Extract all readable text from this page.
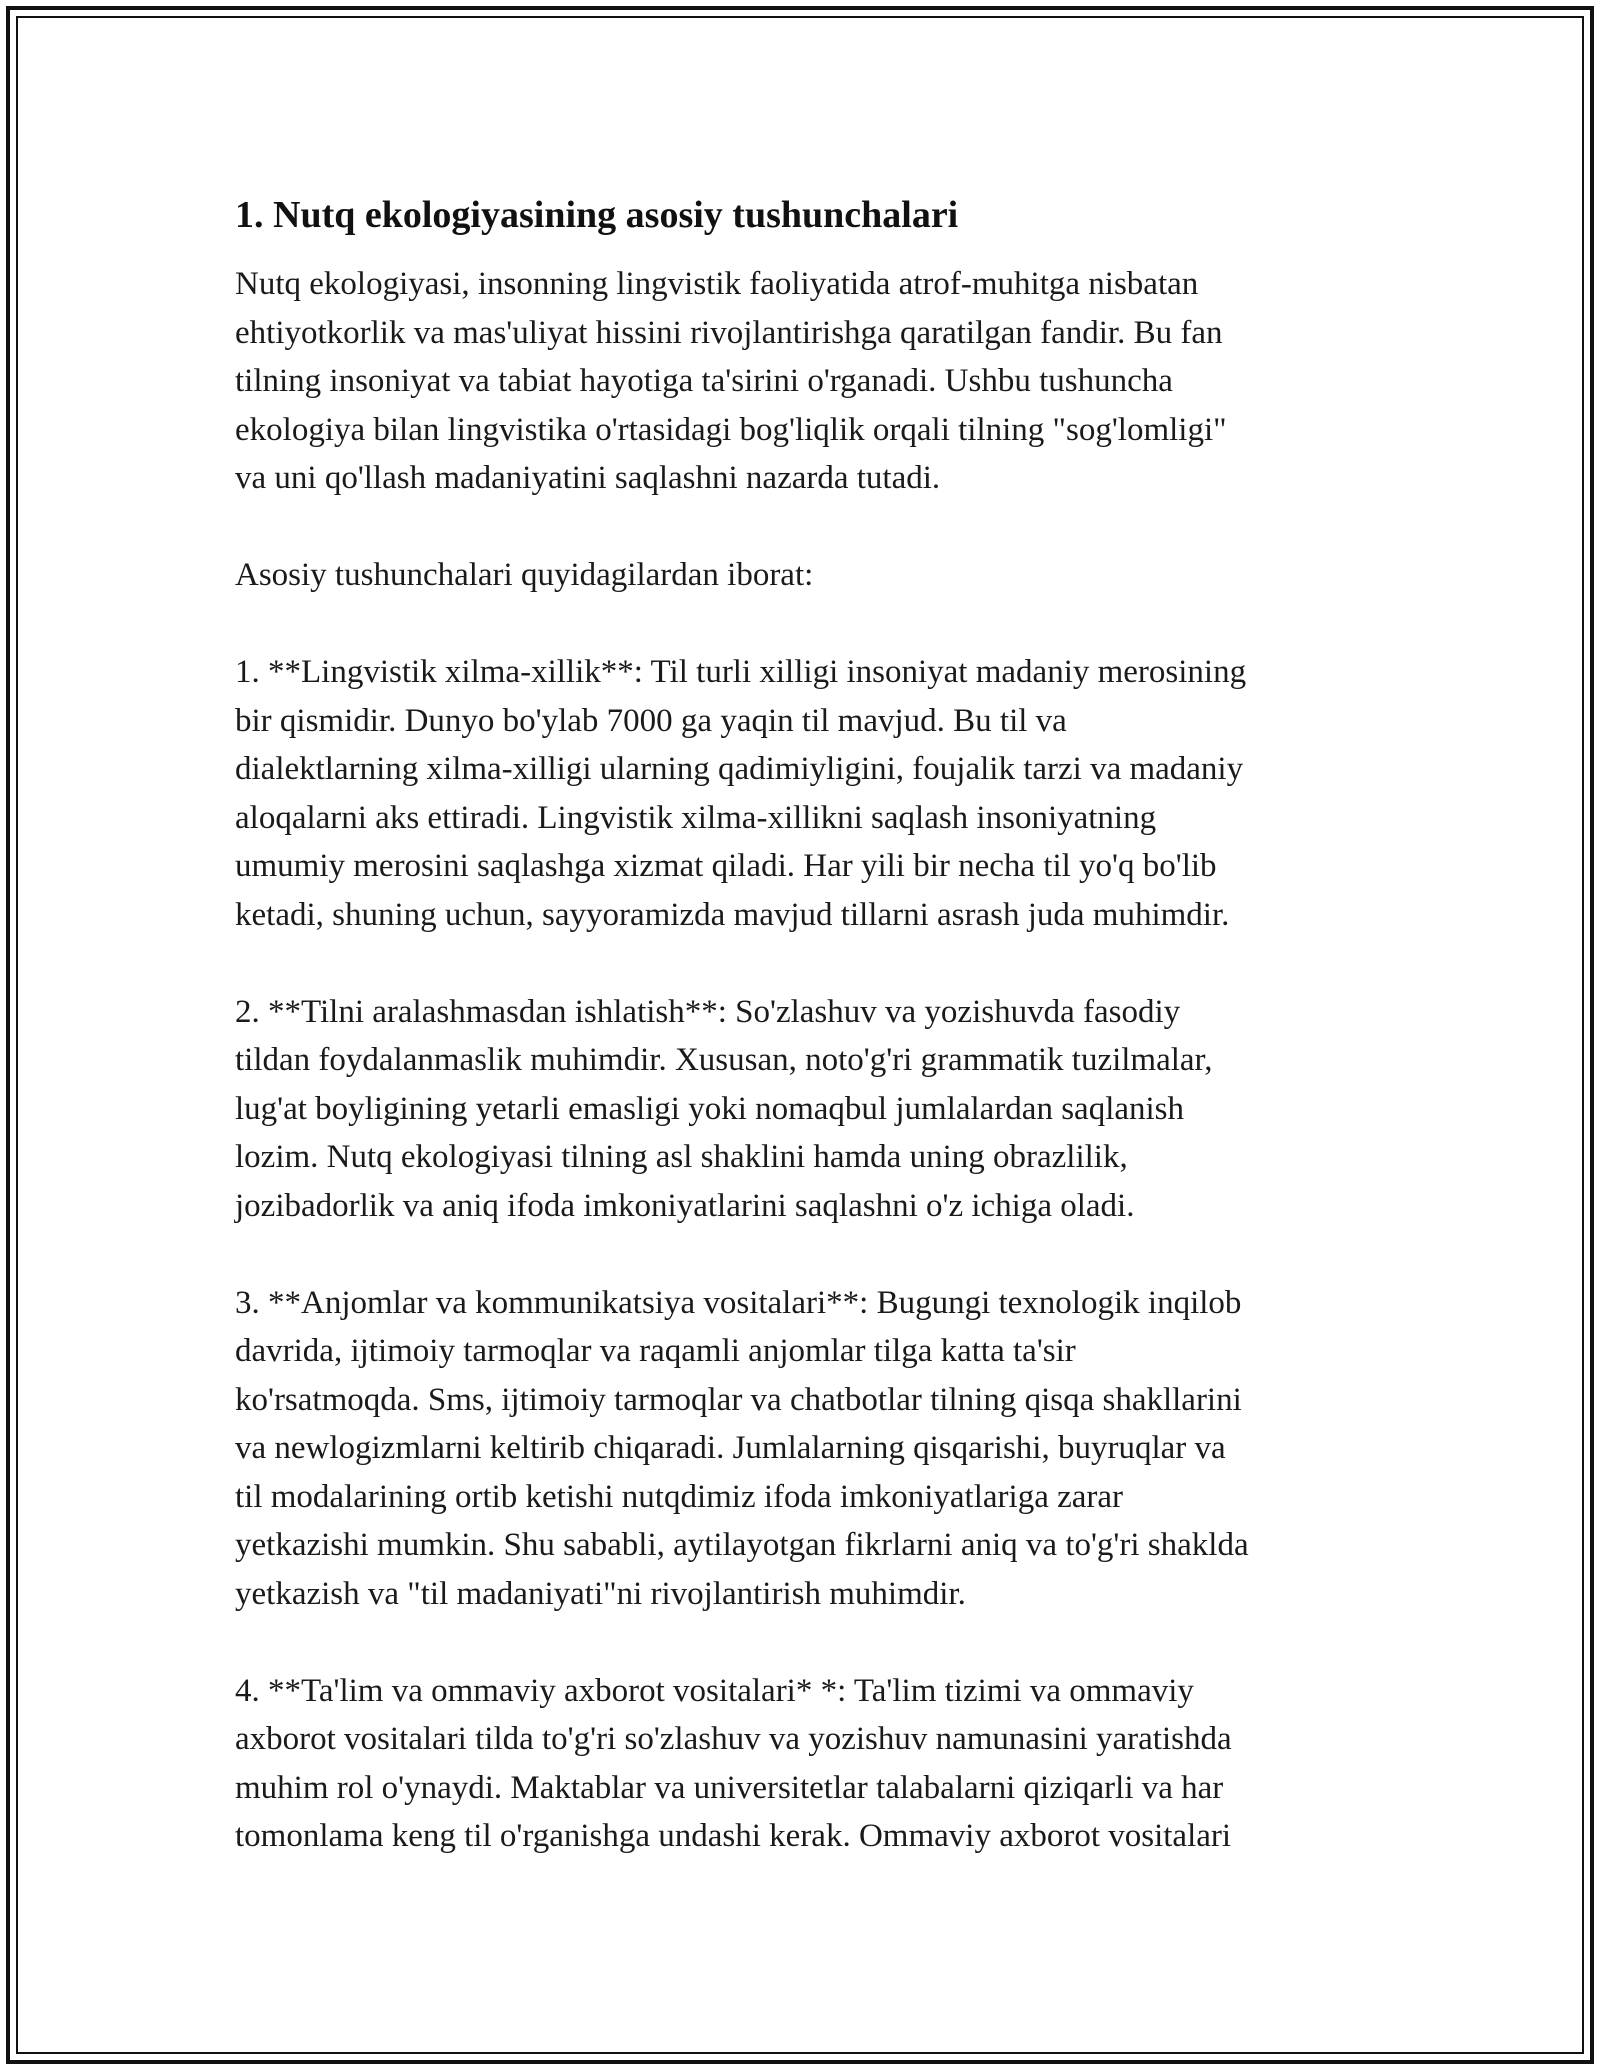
1. Nutq ekologiyasining asosiy tushunchalari

Nutq ekologiyasi, insonning lingvistik faoliyatida atrof-muhitga nisbatan
ehtiyotkorlik va mas'uliyat hissini rivojlantirishga qaratilgan fandir. Bu fan
tilning insoniyat va tabiat hayotiga ta'sirini o'rganadi. Ushbu tushuncha
ekologiya bilan lingvistika o'rtasidagi bog'liqlik orqali tilning "sog'lomligi"
va uni qo'llash madaniyatini saqlashni nazarda tutadi.

Asosiy tushunchalari quyidagilardan iborat:

1. **Lingvistik xilma-xillik**: Til turli xilligi insoniyat madaniy merosining
bir qismidir. Dunyo bo'ylab 7000 ga yaqin til mavjud. Bu til va
dialektlarning xilma-xilligi ularning qadimiyligini, foujalik tarzi va madaniy
aloqalarni aks ettiradi. Lingvistik xilma-xillikni saqlash insoniyatning
umumiy merosini saqlashga xizmat qiladi. Har yili bir necha til yo'q bo'lib
ketadi, shuning uchun, sayyoramizda mavjud tillarni asrash juda muhimdir.

2. **Tilni aralashmasdan ishlatish**: So'zlashuv va yozishuvda fasodiy
tildan foydalanmaslik muhimdir. Xususan, noto'g'ri grammatik tuzilmalar,
lug'at boyligining yetarli emasligi yoki nomaqbul jumlalardan saqlanish
lozim. Nutq ekologiyasi tilning asl shaklini hamda uning obrazlilik,
jozibadorlik va aniq ifoda imkoniyatlarini saqlashni o'z ichiga oladi.

3. **Anjomlar va kommunikatsiya vositalari**: Bugungi texnologik inqilob
davrida, ijtimoiy tarmoqlar va raqamli anjomlar tilga katta ta'sir
ko'rsatmoqda. Sms, ijtimoiy tarmoqlar va chatbotlar tilning qisqa shakllarini
va newlogizmlarni keltirib chiqaradi. Jumlalarning qisqarishi, buyruqlar va
til modalarining ortib ketishi nutqdimiz ifoda imkoniyatlariga zarar
yetkazishi mumkin. Shu sababli, aytilayotgan fikrlarni aniq va to'g'ri shaklda
yetkazish va "til madaniyati"ni rivojlantirish muhimdir.

4. **Ta'lim va ommaviy axborot vositalari* *: Ta'lim tizimi va ommaviy
axborot vositalari tilda to'g'ri so'zlashuv va yozishuv namunasini yaratishda
muhim rol o'ynaydi. Maktablar va universitetlar talabalarni qiziqarli va har
tomonlama keng til o'rganishga undashi kerak. Ommaviy axborot vositalari
